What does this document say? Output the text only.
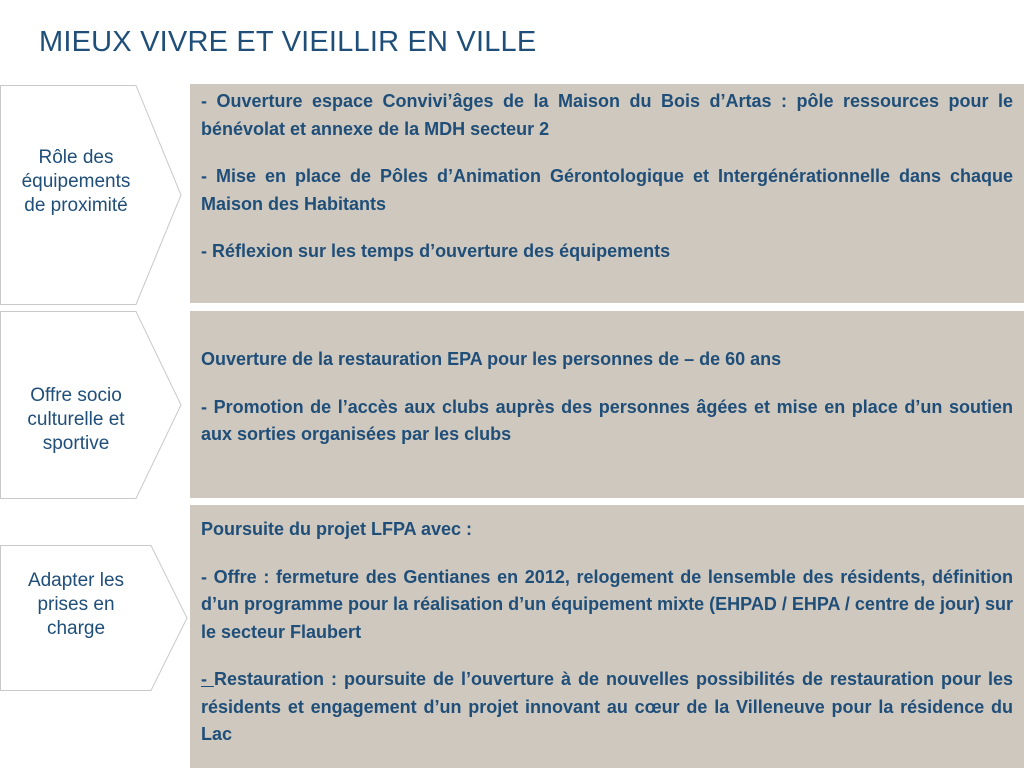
MIEUX VIVRE ET VIEILLIR EN VILLE
Rôle des
équipements
de proximité

- Ouverture espace Convivi’âges de la Maison du Bois d’Artas : pôle ressources pour le bénévolat et annexe de la MDH secteur 2

- Mise en place de Pôles d’Animation Gérontologique et Intergénérationnelle dans chaque Maison des Habitants

- Réflexion sur les temps d’ouverture des équipements

Offre socio
culturelle et
sportive

Ouverture de la restauration EPA pour les personnes de – de 60 ans

- Promotion de l’accès aux clubs auprès des personnes âgées et mise en place d’un soutien aux sorties organisées par les clubs

Adapter les
prises en
charge

Poursuite du projet LFPA avec :

- Offre : fermeture des Gentianes en 2012, relogement de lensemble des résidents, définition d’un programme pour la réalisation d’un équipement mixte (EHPAD / EHPA / centre de jour) sur le secteur Flaubert

- Restauration : poursuite de l’ouverture à de nouvelles possibilités de restauration pour les résidents et engagement d’un projet innovant au cœur de la Villeneuve pour la résidence du Lac
